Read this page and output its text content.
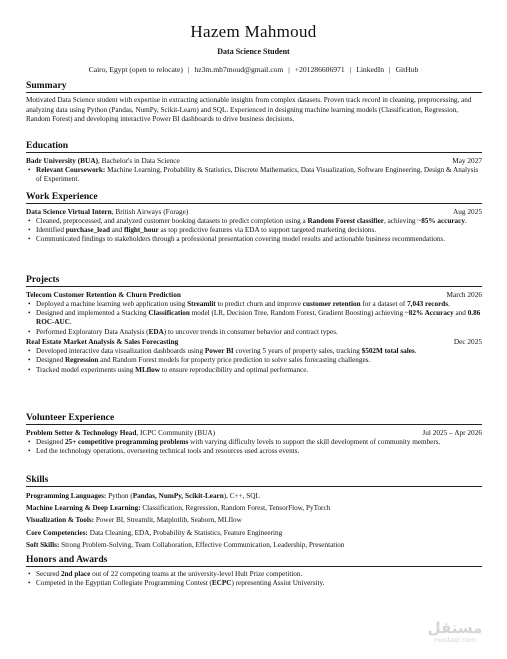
Hazem Mahmoud
Data Science Student
Cairo, Egypt (open to relocate) | hz3m.mh7moud@gmail.com | +201286606971 | LinkedIn | GitHub
Summary
Motivated Data Science student with expertise in extracting actionable insights from complex datasets. Proven track record in cleaning, preprocessing, and analyzing data using Python (Pandas, NumPy, Scikit-Learn) and SQL. Experienced in designing machine learning models (Classification, Regression, Random Forest) and developing interactive Power BI dashboards to drive business decisions.
Education
Badr University (BUA), Bachelor's in Data Science	May 2027
• Relevant Coursework: Machine Learning, Probability & Statistics, Discrete Mathematics, Data Visualization, Software Engineering, Design & Analysis of Experiment.
Work Experience
Data Science Virtual Intern, British Airways (Forage)	Aug 2025
• Cleaned, preprocessed, and analyzed customer booking datasets to predict completion using a Random Forest classifier, achieving ~85% accuracy.
• Identified purchase_lead and flight_hour as top predictive features via EDA to support targeted marketing decisions.
• Communicated findings to stakeholders through a professional presentation covering model results and actionable business recommendations.
Projects
Telecom Customer Retention & Churn Prediction	March 2026
• Deployed a machine learning web application using Streamlit to predict churn and improve customer retention for a dataset of 7,043 records.
• Designed and implemented a Stacking Classification model (LR, Decision Tree, Random Forest, Gradient Boosting) achieving ~82% Accuracy and 0.86 ROC-AUC.
• Performed Exploratory Data Analysis (EDA) to uncover trends in consumer behavior and contract types.
Real Estate Market Analysis & Sales Forecasting	Dec 2025
• Developed interactive data visualization dashboards using Power BI covering 5 years of property sales, tracking $502M total sales.
• Designed Regression and Random Forest models for property price prediction to solve sales forecasting challenges.
• Tracked model experiments using MLflow to ensure reproducibility and optimal performance.
Volunteer Experience
Problem Setter & Technology Head, ICPC Community (BUA)	Jul 2025 – Apr 2026
• Designed 25+ competitive programming problems with varying difficulty levels to support the skill development of community members.
• Led the technology operations, overseeing technical tools and resources used across events.
Skills
Programming Languages: Python (Pandas, NumPy, Scikit-Learn), C++, SQL
Machine Learning & Deep Learning: Classification, Regression, Random Forest, TensorFlow, PyTorch
Visualization & Tools: Power BI, Streamlit, Matplotlib, Seaborn, MLflow
Core Competencies: Data Cleaning, EDA, Probability & Statistics, Feature Engineering
Soft Skills: Strong Problem-Solving, Team Collaboration, Effective Communication, Leadership, Presentation
Honors and Awards
• Secured 2nd place out of 22 competing teams at the university-level Hult Prize competition.
• Competed in the Egyptian Collegiate Programming Contest (ECPC) representing Assiut University.
مستقل
mostaql.com
